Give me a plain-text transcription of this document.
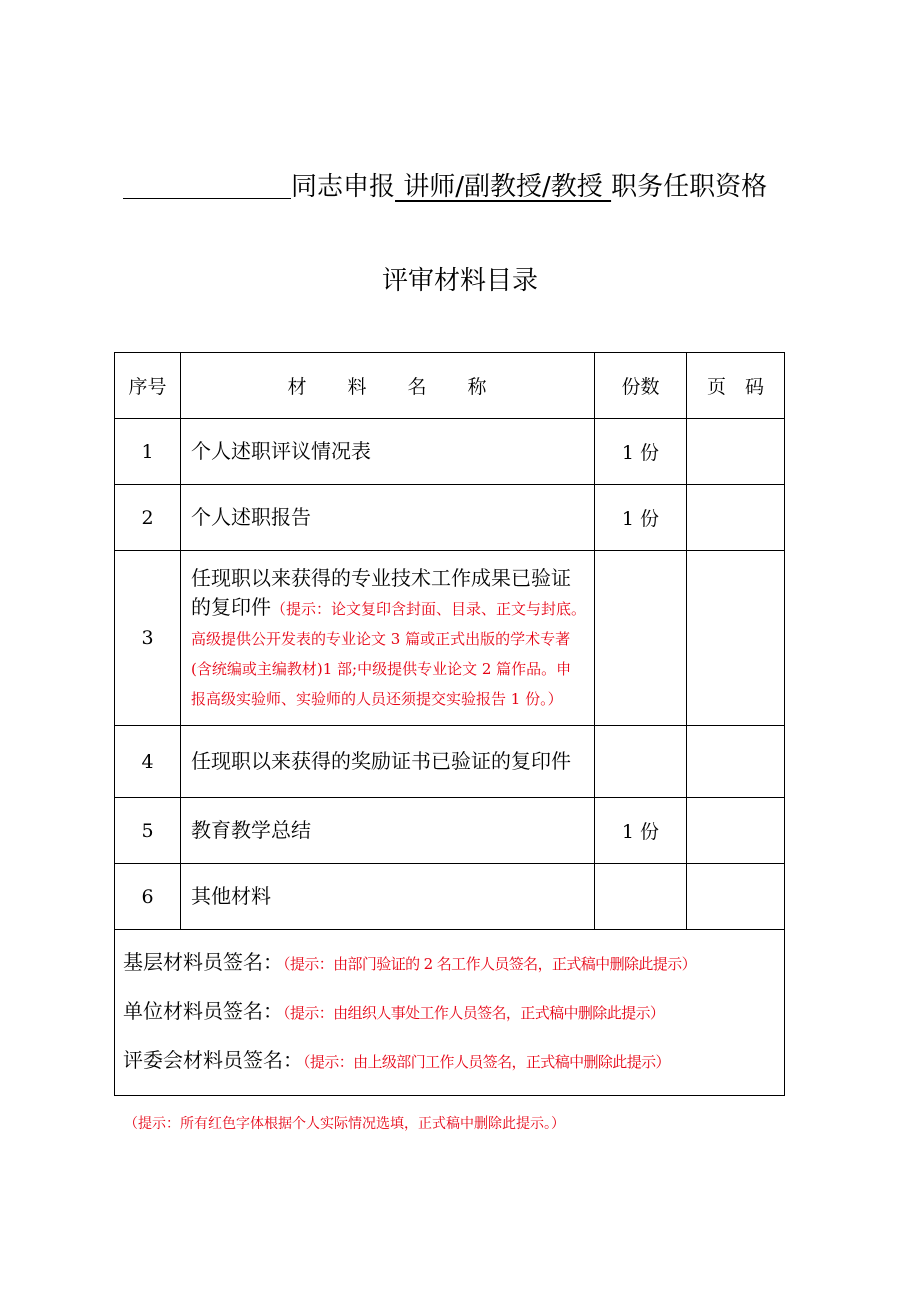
同志申报 讲师/副教授/教授 职务任职资格
评审材料目录
序号	材　　料　　名　　称	份数	页　码
1	个人述职评议情况表	1 份	
2	个人述职报告	1 份	
3	任现职以来获得的专业技术工作成果已验证的复印件（提示：论文复印含封面、目录、正文与封底。高级提供公开发表的专业论文 3 篇或正式出版的学术专著(含统编或主编教材)1 部;中级提供专业论文 2 篇作品。申报高级实验师、实验师的人员还须提交实验报告 1 份。）		
4	任现职以来获得的奖励证书已验证的复印件		
5	教育教学总结	1 份	
6	其他材料		

基层材料员签名：（提示：由部门验证的 2 名工作人员签名，正式稿中删除此提示）
单位材料员签名：（提示：由组织人事处工作人员签名，正式稿中删除此提示）
评委会材料员签名：（提示：由上级部门工作人员签名，正式稿中删除此提示）			
（提示：所有红色字体根据个人实际情况选填，正式稿中删除此提示。）
